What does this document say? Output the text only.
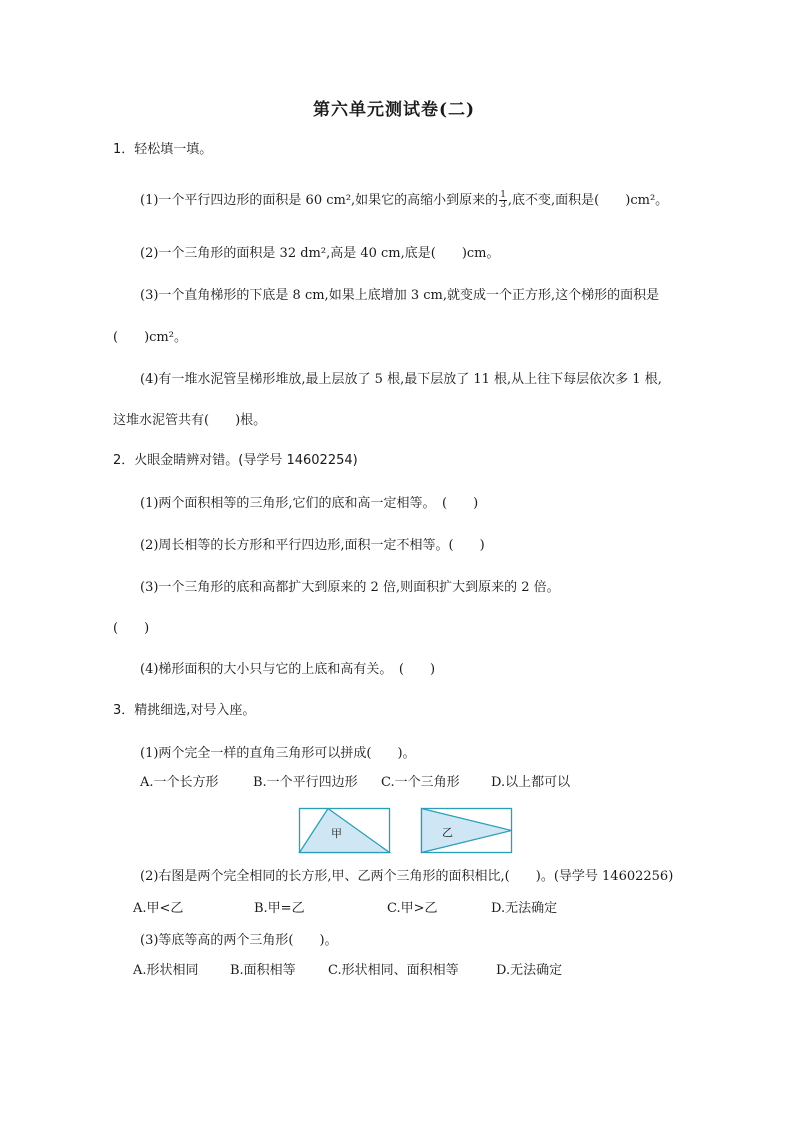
第六单元测试卷(二)
1．轻松填一填。
(1)一个平行四边形的面积是 60 cm²,如果它的高缩小到原来的 $\frac{1}{3}$ ,底不变,面积是(　　)cm²。
(2)一个三角形的面积是 32 dm²,高是 40 cm,底是(　　)cm。
(3)一个直角梯形的下底是 8 cm,如果上底增加 3 cm,就变成一个正方形,这个梯形的面积是
(　　)cm²。
(4)有一堆水泥管呈梯形堆放,最上层放了 5 根,最下层放了 11 根,从上往下每层依次多 1 根,
这堆水泥管共有(　　)根。
2．火眼金睛辨对错。(导学号 14602254)
(1)两个面积相等的三角形,它们的底和高一定相等。　(　　)
(2)周长相等的长方形和平行四边形,面积一定不相等。(　　)
(3)一个三角形的底和高都扩大到原来的 2 倍,则面积扩大到原来的 2 倍。
(　　)
(4)梯形面积的大小只与它的上底和高有关。　(　　)
3．精挑细选,对号入座。
(1)两个完全一样的直角三角形可以拼成(　　)。
A.一个长方形	B.一个平行四边形 C.一个三角形 D.以上都可以
甲	乙
(2)右图是两个完全相同的长方形,甲、乙两个三角形的面积相比,(　　)。(导学号 14602256)
A.甲<乙	B.甲=乙	C.甲>乙	D.无法确定
(3)等底等高的两个三角形(　　)。
A.形状相同 B.面积相等 C.形状相同、面积相等	D.无法确定
